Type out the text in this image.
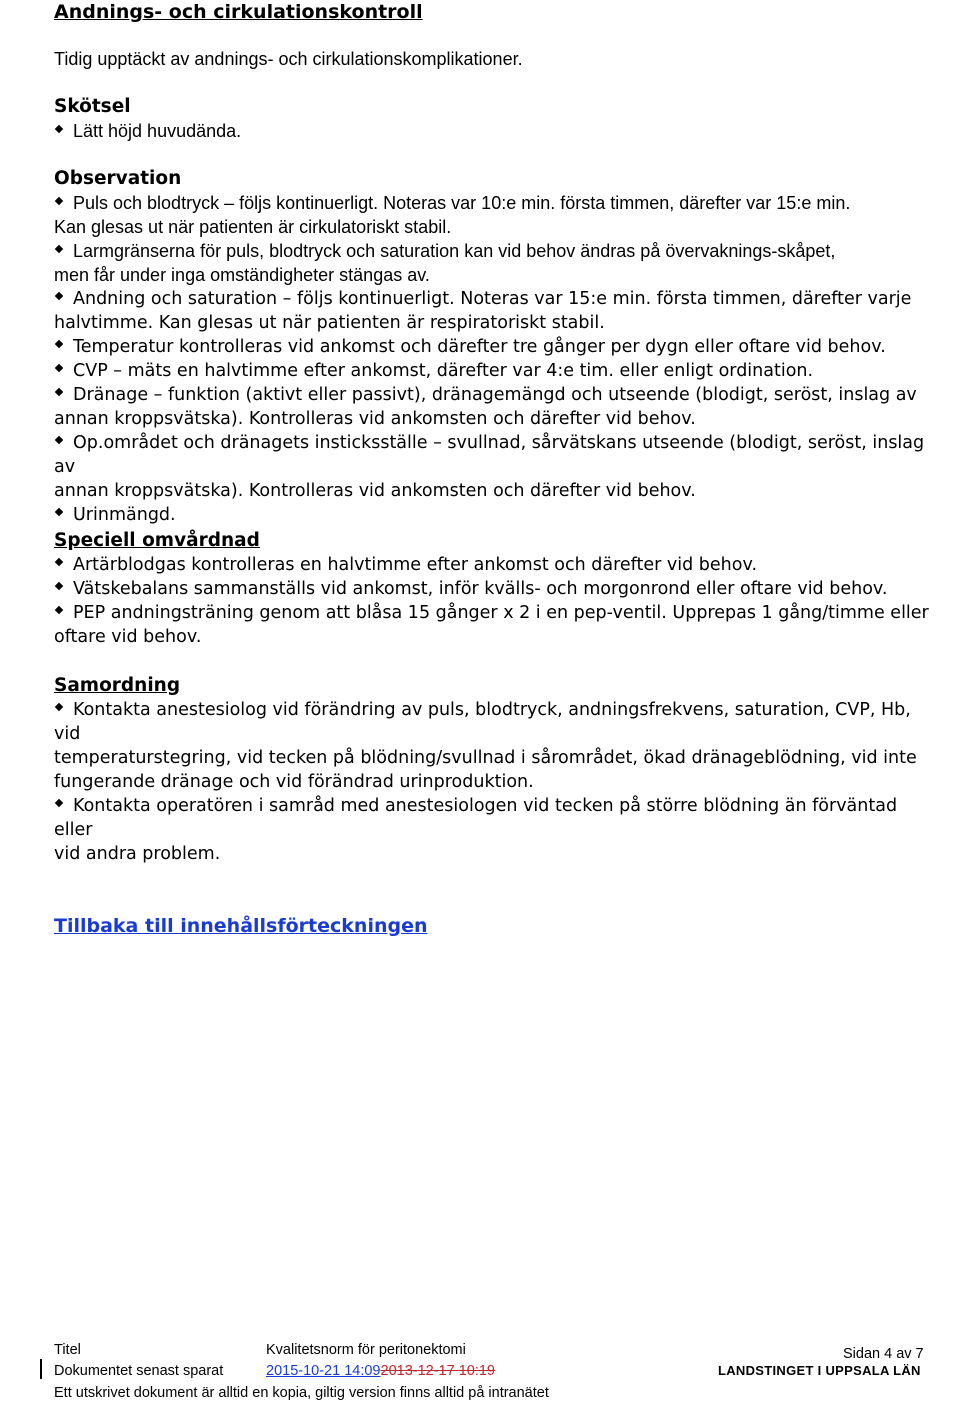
Andnings- och cirkulationskontroll
Tidig upptäckt av andnings- och cirkulationskomplikationer.

Skötsel

Lätt höjd huvudända.

Observation

Puls och blodtryck – följs kontinuerligt. Noteras var 10:e min. första timmen, därefter var 15:e min.
Kan glesas ut när patienten är cirkulatoriskt stabil.

Larmgränserna för puls, blodtryck och saturation kan vid behov ändras på övervaknings-skåpet,
men får under inga omständigheter stängas av.

Andning och saturation – följs kontinuerligt. Noteras var 15:e min. första timmen, därefter varje
halvtimme. Kan glesas ut när patienten är respiratoriskt stabil.

Temperatur kontrolleras vid ankomst och därefter tre gånger per dygn eller oftare vid behov.

CVP – mäts en halvtimme efter ankomst, därefter var 4:e tim. eller enligt ordination.

Dränage – funktion (aktivt eller passivt), dränagemängd och utseende (blodigt, seröst, inslag av
annan kroppsvätska). Kontrolleras vid ankomsten och därefter vid behov.

Op.området och dränagets insticksställe – svullnad, sårvätskans utseende (blodigt, seröst, inslag av
annan kroppsvätska). Kontrolleras vid ankomsten och därefter vid behov.

Urinmängd.

Speciell omvårdnad

Artärblodgas kontrolleras en halvtimme efter ankomst och därefter vid behov.

Vätskebalans sammanställs vid ankomst, inför kvälls- och morgonrond eller oftare vid behov.

PEP andningsträning genom att blåsa 15 gånger x 2 i en pep-ventil. Upprepas 1 gång/timme eller
oftare vid behov.

Samordning

Kontakta anestesiolog vid förändring av puls, blodtryck, andningsfrekvens, saturation, CVP, Hb, vid
temperaturstegring, vid tecken på blödning/svullnad i sårområdet, ökad dränageblödning, vid inte
fungerande dränage och vid förändrad urinproduktion.

Kontakta operatören i samråd med anestesiologen vid tecken på större blödning än förväntad eller
vid andra problem.

Tillbaka till innehållsförteckningen
Titel	Kvalitetsnorm för peritonektomi	Sidan 4 av 7
Dokumentet senast sparat	2015-10-21 14:092013-12-17 10:19	LANDSTINGET I UPPSALA LÄN
Ett utskrivet dokument är alltid en kopia, giltig version finns alltid på intranätet
